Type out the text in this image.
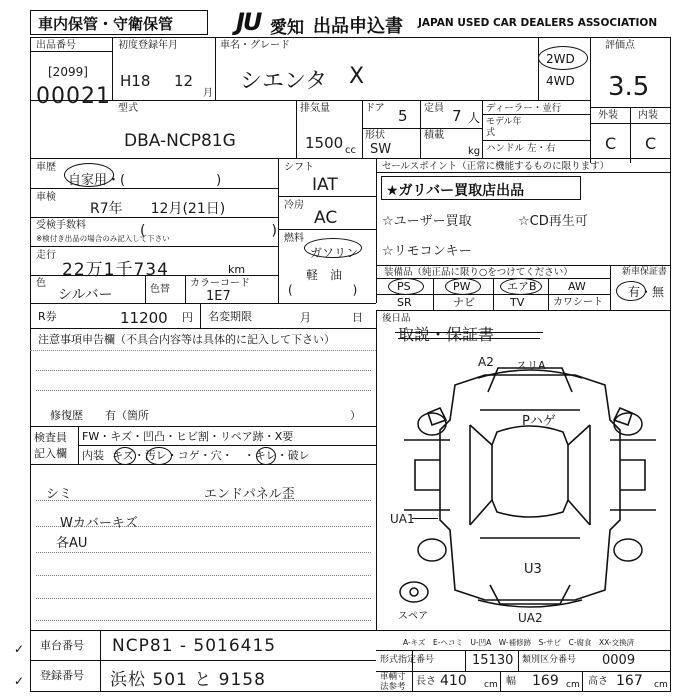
車内保管・守衛保管	JU 愛知 出品申込書 JAPAN USED CAR DEALERS ASSOCIATION
出品番号
[2099]
00021
初度登録年月
H18 12
月
車名・グレード
シエンタ X
2WD
4WD
評価点
3.5
型式
DBA-NCP81G
排気量
1500 cc
ドア 5 定員 7 人
形状
SW
積載
kg
ディーラー・並行
モデル年式
ハンドル 左・右
外装 内装
C C
車歴
自家用・(　　　　　　　)
車検
R7年　　12月(21日)
受検手数料
※検付き出品の場合のみ記入して下さい
(　　　　　　　　　)
走行
22万1千734	km
色
シルバー	色替
カラーコード
1E7
シフト
IAT
冷房
AC
燃料
ガソリン
軽　油
(　　　　　)
セールスポイント（正常に機能するものに限ります）
★ガリバー買取店出品
☆ユーザー買取	☆CD再生可
☆リモコンキー
装備品（純正品に限り○をつけてください）
PS	PW	エアB	AW
SR	ナビ	TV	カワシート
新車保証書
有・無
R券	11200 円 名変期限	月	日 後日品
取説・保証書
注意事項申告欄（不具合内容等は具体的に記入して下さい）
修復歴　　有（箇所	）
検査員
記入欄
FW・キズ・凹凸・ヒビ割・リペア跡・X要
内装 キズ・汚レ・コゲ・穴・　・キレ・破レ
シミ	エンドパネル歪
Wカバーキズ
各AU
A2 スリA
Pハゲ
UA1
U3
UA2
スペア
A-キズ　E-ヘコミ　U-凹A　W-補修跡　S-サビ　C-腐食　XX-交換済
車台番号 NCP81 - 5016415
登録番号 浜松 501 と 9158
✓
✓
形式指定番号	15130 類別区分番号 0009
車輌寸法参考	長さ 410 cm 幅 169 cm 高さ 167 cm
